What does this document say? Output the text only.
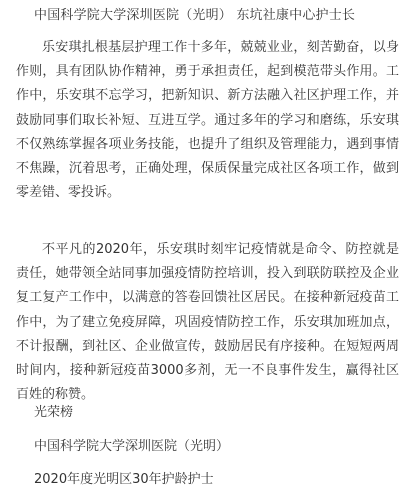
中国科学院大学深圳医院（光明） 东坑社康中心护士长

乐安琪扎根基层护理工作十多年，兢兢业业，刻苦勤奋，以身作则，具有团队协作精神，勇于承担责任，起到模范带头作用。工作中，乐安琪不忘学习，把新知识、新方法融入社区护理工作，并鼓励同事们取长补短、互进互学。通过多年的学习和磨练，乐安琪不仅熟练掌握各项业务技能，也提升了组织及管理能力，遇到事情不焦躁，沉着思考，正确处理，保质保量完成社区各项工作，做到零差错、零投诉。

不平凡的2020年，乐安琪时刻牢记疫情就是命令、防控就是责任，她带领全站同事加强疫情防控培训，投入到联防联控及企业复工复产工作中，以满意的答卷回馈社区居民。在接种新冠疫苗工作中，为了建立免疫屏障，巩固疫情防控工作，乐安琪加班加点，不计报酬，到社区、企业做宣传，鼓励居民有序接种。在短短两周时间内，接种新冠疫苗3000多剂，无一不良事件发生，赢得社区百姓的称赞。

光荣榜
中国科学院大学深圳医院（光明）
2020年度光明区30年护龄护士
